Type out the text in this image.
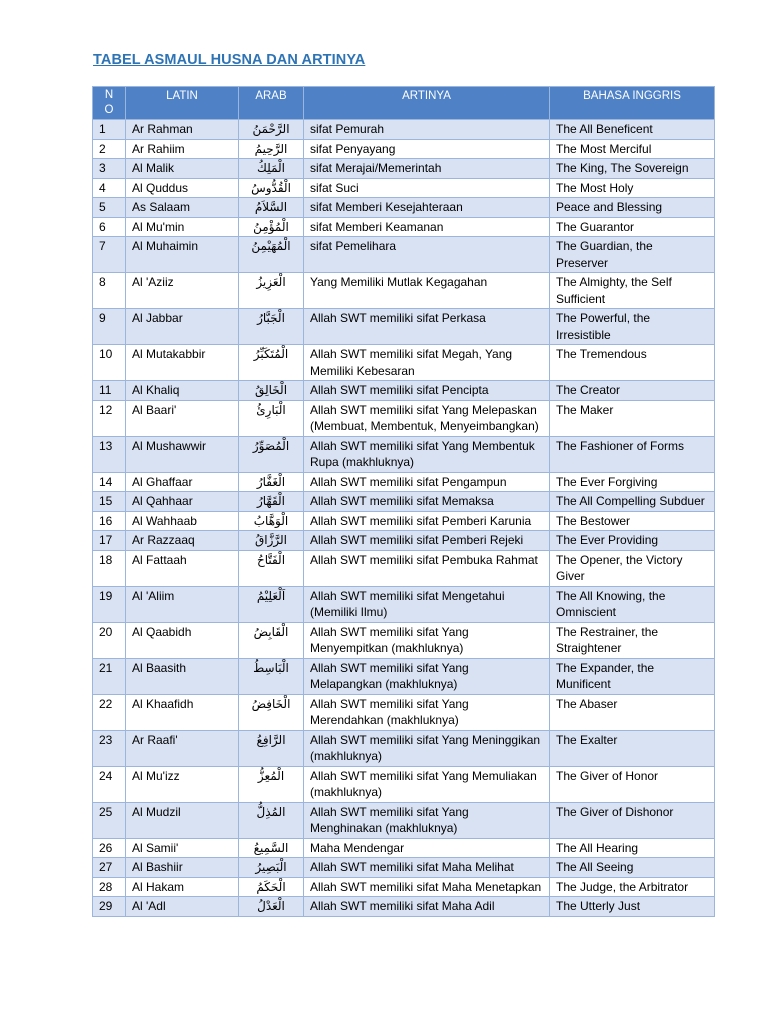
TABEL ASMAUL HUSNA DAN ARTINYA
N O	LATIN	ARAB	ARTINYA	BAHASA INGGRIS
1	Ar Rahman	الرَّحْمَنُ	sifat Pemurah	The All Beneficent
2	Ar Rahiim	الرَّحِيمُ	sifat Penyayang	The Most Merciful
3	Al Malik	الْمَلِكُ	sifat Merajai/Memerintah	The King, The Sovereign
4	Al Quddus	الْقُدُّوسُ	sifat Suci	The Most Holy
5	As Salaam	السَّلاَمُ	sifat Memberi Kesejahteraan	Peace and Blessing
6	Al Mu'min	الْمُؤْمِنُ	sifat Memberi Keamanan	The Guarantor
7	Al Muhaimin	الْمُهَيْمِنُ	sifat Pemelihara	The Guardian, the Preserver
8	Al 'Aziiz	الْعَزِيزُ	Yang Memiliki Mutlak Kegagahan	The Almighty, the Self Sufficient
9	Al Jabbar	الْجَبَّارُ	Allah SWT memiliki sifat Perkasa	The Powerful, the Irresistible
10	Al Mutakabbir	الْمُتَكَبِّرُ	Allah SWT memiliki sifat Megah, Yang Memiliki Kebesaran	The Tremendous
11	Al Khaliq	الْخَالِقُ	Allah SWT memiliki sifat Pencipta	The Creator
12	Al Baari'	الْبَارِئُ	Allah SWT memiliki sifat Yang Melepaskan (Membuat, Membentuk, Menyeimbangkan)	The Maker
13	Al Mushawwir	الْمُصَوِّرُ	Allah SWT memiliki sifat Yang Membentuk Rupa (makhluknya)	The Fashioner of Forms
14	Al Ghaffaar	الْغَفَّارُ	Allah SWT memiliki sifat Pengampun	The Ever Forgiving
15	Al Qahhaar	الْقَهَّارُ	Allah SWT memiliki sifat Memaksa	The All Compelling Subduer
16	Al Wahhaab	الْوَهَّابُ	Allah SWT memiliki sifat Pemberi Karunia	The Bestower
17	Ar Razzaaq	الرَّزَّاقُ	Allah SWT memiliki sifat Pemberi Rejeki	The Ever Providing
18	Al Fattaah	الْفَتَّاحُ	Allah SWT memiliki sifat Pembuka Rahmat	The Opener, the Victory Giver
19	Al 'Aliim	اَلْعَلِيْمُ	Allah SWT memiliki sifat Mengetahui (Memiliki Ilmu)	The All Knowing, the Omniscient
20	Al Qaabidh	الْقَابِضُ	Allah SWT memiliki sifat Yang Menyempitkan (makhluknya)	The Restrainer, the Straightener
21	Al Baasith	الْبَاسِطُ	Allah SWT memiliki sifat Yang Melapangkan (makhluknya)	The Expander, the Munificent
22	Al Khaafidh	الْخَافِضُ	Allah SWT memiliki sifat Yang Merendahkan (makhluknya)	The Abaser
23	Ar Raafi'	الرَّافِعُ	Allah SWT memiliki sifat Yang Meninggikan (makhluknya)	The Exalter
24	Al Mu'izz	الْمُعِزُّ	Allah SWT memiliki sifat Yang Memuliakan (makhluknya)	The Giver of Honor
25	Al Mudzil	المُذِلُّ	Allah SWT memiliki sifat Yang Menghinakan (makhluknya)	The Giver of Dishonor
26	Al Samii'	السَّمِيعُ	Maha Mendengar	The All Hearing
27	Al Bashiir	الْبَصِيرُ	Allah SWT memiliki sifat Maha Melihat	The All Seeing
28	Al Hakam	الْحَكَمُ	Allah SWT memiliki sifat Maha Menetapkan	The Judge, the Arbitrator
29	Al 'Adl	الْعَدْلُ	Allah SWT memiliki sifat Maha Adil	The Utterly Just
